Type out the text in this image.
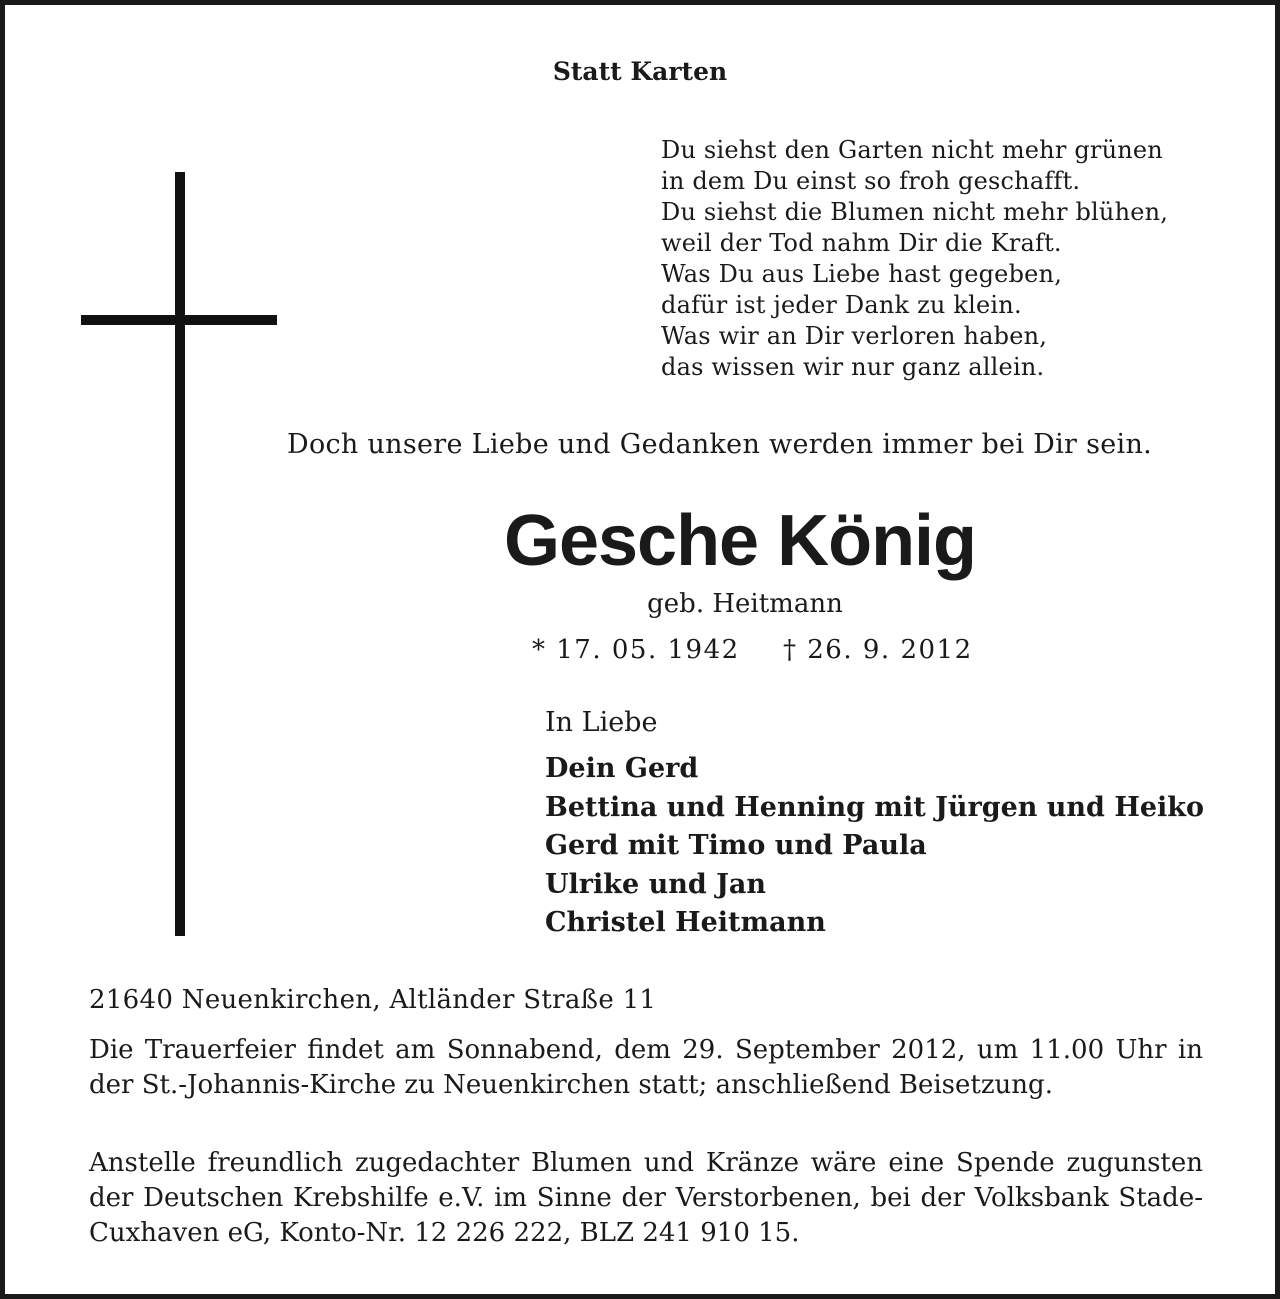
Statt Karten
Du siehst den Garten nicht mehr grünen
in dem Du einst so froh geschafft.
Du siehst die Blumen nicht mehr blühen,
weil der Tod nahm Dir die Kraft.
Was Du aus Liebe hast gegeben,
dafür ist jeder Dank zu klein.
Was wir an Dir verloren haben,
das wissen wir nur ganz allein.
Doch unsere Liebe und Gedanken werden immer bei Dir sein.
Gesche König
geb. Heitmann
* 17. 05. 1942 † 26. 9. 2012
In Liebe
Dein Gerd
Bettina und Henning mit Jürgen und Heiko
Gerd mit Timo und Paula
Ulrike und Jan
Christel Heitmann
21640 Neuenkirchen, Altländer Straße 11
Die Trauerfeier findet am Sonnabend, dem 29. September 2012, um 11.00 Uhr in der St.-Johannis-Kirche zu Neuenkirchen statt; anschließend Beisetzung.
Anstelle freundlich zugedachter Blumen und Kränze wäre eine Spende zugunsten der Deutschen Krebshilfe e.V. im Sinne der Verstorbenen, bei der Volksbank Stade-Cuxhaven eG, Konto-Nr. 12 226 222, BLZ 241 910 15.
